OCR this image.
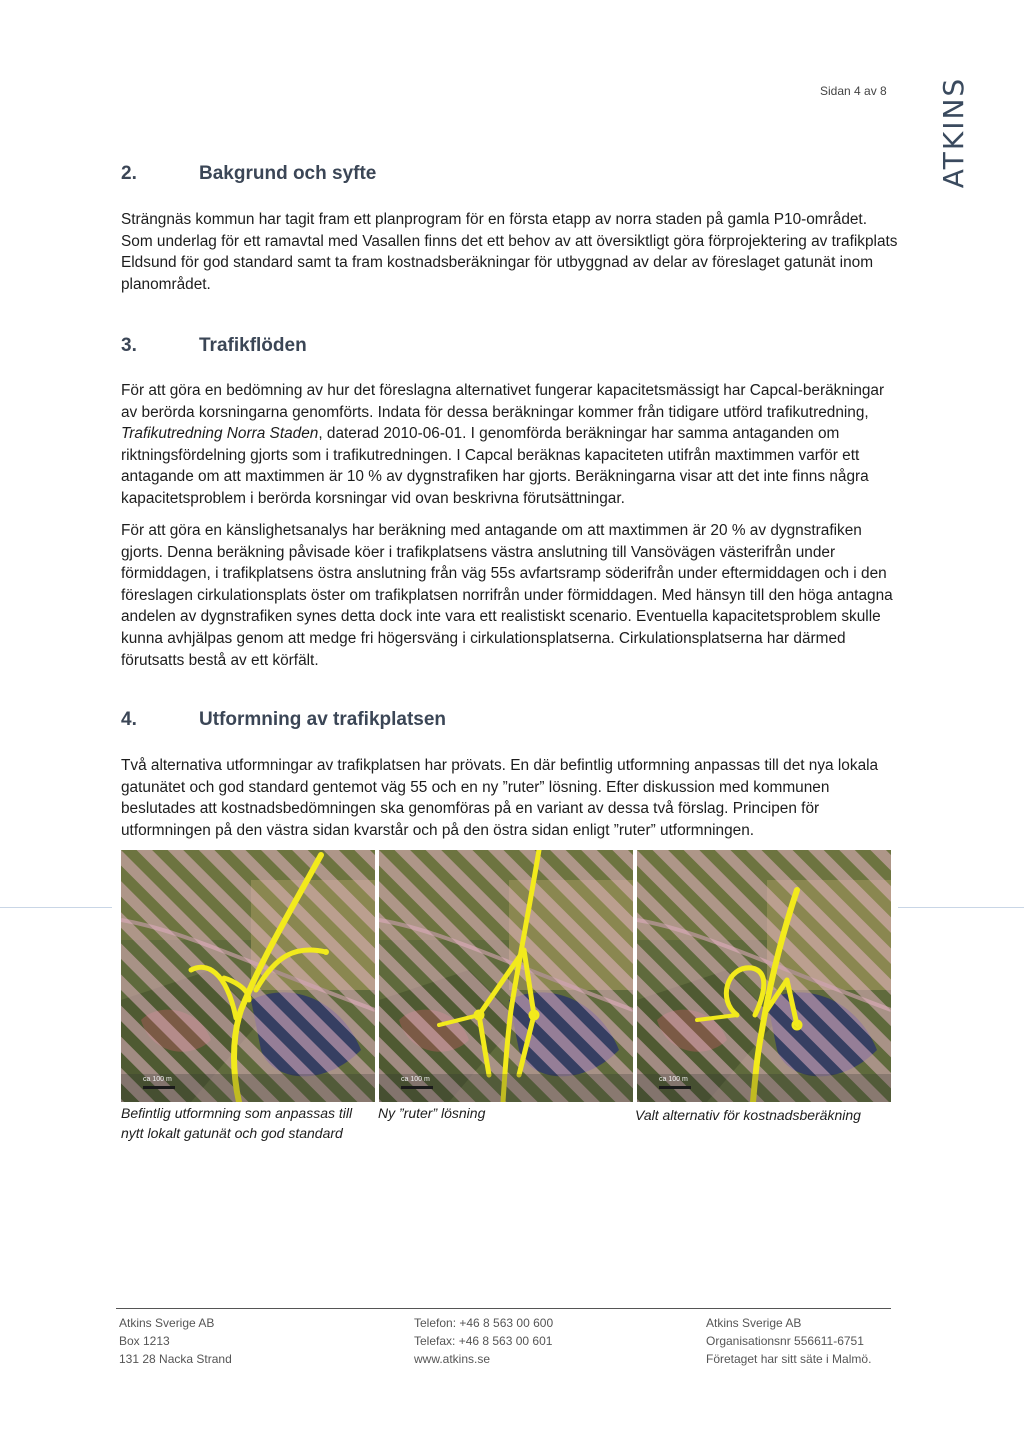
Sidan 4 av 8 ATKINS
2.	Bakgrund och syfte

Strängnäs kommun har tagit fram ett planprogram för en första etapp av norra staden på gamla P10-området. Som underlag för ett ramavtal med Vasallen finns det ett behov av att översiktligt göra förprojektering av trafikplats Eldsund för god standard samt ta fram kostnadsberäkningar för utbyggnad av delar av föreslaget gatunät inom planområdet.

3.	Trafikflöden

För att göra en bedömning av hur det föreslagna alternativet fungerar kapacitetsmässigt har Capcal-beräkningar av berörda korsningarna genomförts. Indata för dessa beräkningar kommer från tidigare utförd trafikutredning, Trafikutredning Norra Staden, daterad 2010-06-01. I genomförda beräkningar har samma antaganden om riktningsfördelning gjorts som i trafikutredningen. I Capcal beräknas kapaciteten utifrån maxtimmen varför ett antagande om att maxtimmen är 10 % av dygnstrafiken har gjorts. Beräkningarna visar att det inte finns några kapacitetsproblem i berörda korsningar vid ovan beskrivna förutsättningar.

För att göra en känslighetsanalys har beräkning med antagande om att maxtimmen är 20 % av dygnstrafiken gjorts. Denna beräkning påvisade köer i trafikplatsens västra anslutning till Vansövägen västerifrån under förmiddagen, i trafikplatsens östra anslutning från väg 55s avfartsramp söderifrån under eftermiddagen och i den föreslagen cirkulationsplats öster om trafikplatsen norrifrån under förmiddagen. Med hänsyn till den höga antagna andelen av dygnstrafiken synes detta dock inte vara ett realistiskt scenario. Eventuella kapacitetsproblem skulle kunna avhjälpas genom att medge fri högersväng i cirkulationsplatserna. Cirkulationsplatserna har därmed förutsatts bestå av ett körfält.

4.	Utformning av trafikplatsen

Två alternativa utformningar av trafikplatsen har prövats. En där befintlig utformning anpassas till det nya lokala gatunätet och god standard gentemot väg 55 och en ny ”ruter” lösning. Efter diskussion med kommunen beslutades att kostnadsbedömningen ska genomföras på en variant av dessa två förslag. Principen för utformningen på den västra sidan kvarstår och på den östra sidan enligt ”ruter” utformningen.

ca 100 m	ca 100 m	ca 100 m

Befintlig utformning som anpassas till nytt lokalt gatunät och god standard

Ny ”ruter” lösning	Valt alternativ för kostnadsberäkning

Atkins Sverige AB
Box 1213
131 28 Nacka Strand
Telefon: +46 8 563 00 600
Telefax: +46 8 563 00 601
www.atkins.se
Atkins Sverige AB
Organisationsnr 556611-6751
Företaget har sitt säte i Malmö.
